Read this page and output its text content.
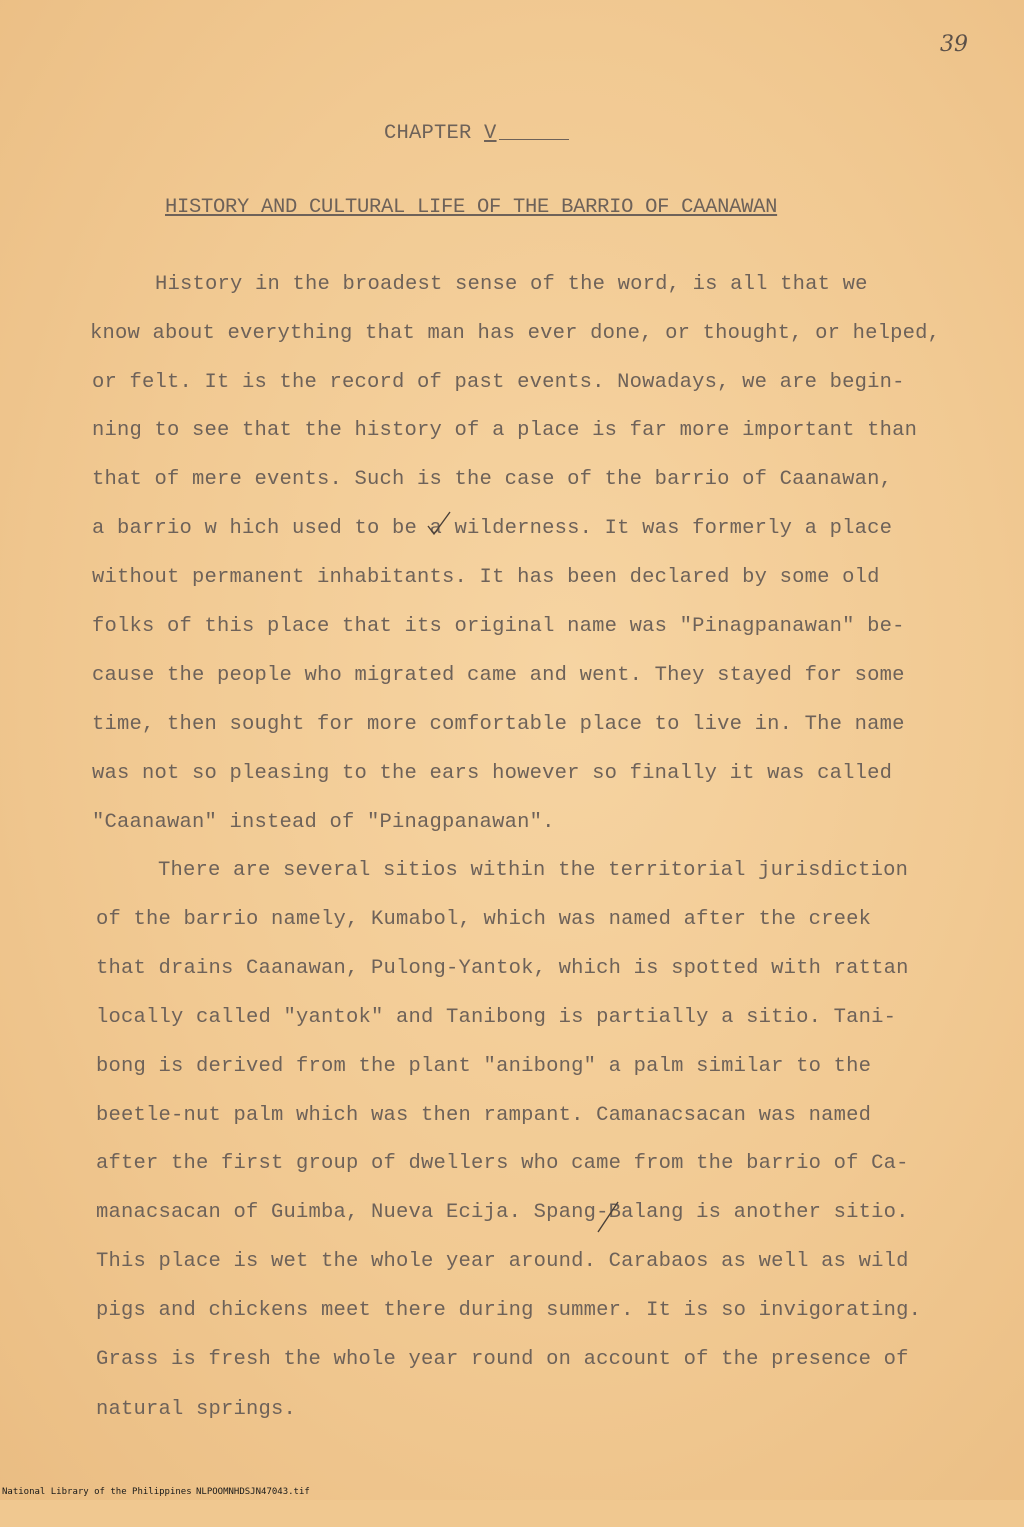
39
CHAPTER V
HISTORY AND CULTURAL LIFE OF THE BARRIO OF CAANAWAN
History in the broadest sense of the word, is all that we
know about everything that man has ever done, or thought, or helped,
or felt. It is the record of past events. Nowadays, we are begin-
ning to see that the history of a place is far more important than
that of mere events. Such is the case of the barrio of Caanawan,
a barrio w hich used to be a wilderness. It was formerly a place
without permanent inhabitants. It has been declared by some old
folks of this place that its original name was "Pinagpanawan" be-
cause the people who migrated came and went. They stayed for some
time, then sought for more comfortable place to live in. The name
was not so pleasing to the ears however so finally it was called
"Caanawan" instead of "Pinagpanawan".
There are several sitios within the territorial jurisdiction
of the barrio namely, Kumabol, which was named after the creek
that drains Caanawan, Pulong-Yantok, which is spotted with rattan
locally called "yantok" and Tanibong is partially a sitio. Tani-
bong is derived from the plant "anibong" a palm similar to the
beetle-nut palm which was then rampant. Camanacsacan was named
after the first group of dwellers who came from the barrio of Ca-
manacsacan of Guimba, Nueva Ecija. Spang-Balang is another sitio.
This place is wet the whole year around. Carabaos as well as wild
pigs and chickens meet there during summer. It is so invigorating.
Grass is fresh the whole year round on account of the presence of
natural springs.

National Library of the Philippines

NLPOOMNHDSJN47043.tif
